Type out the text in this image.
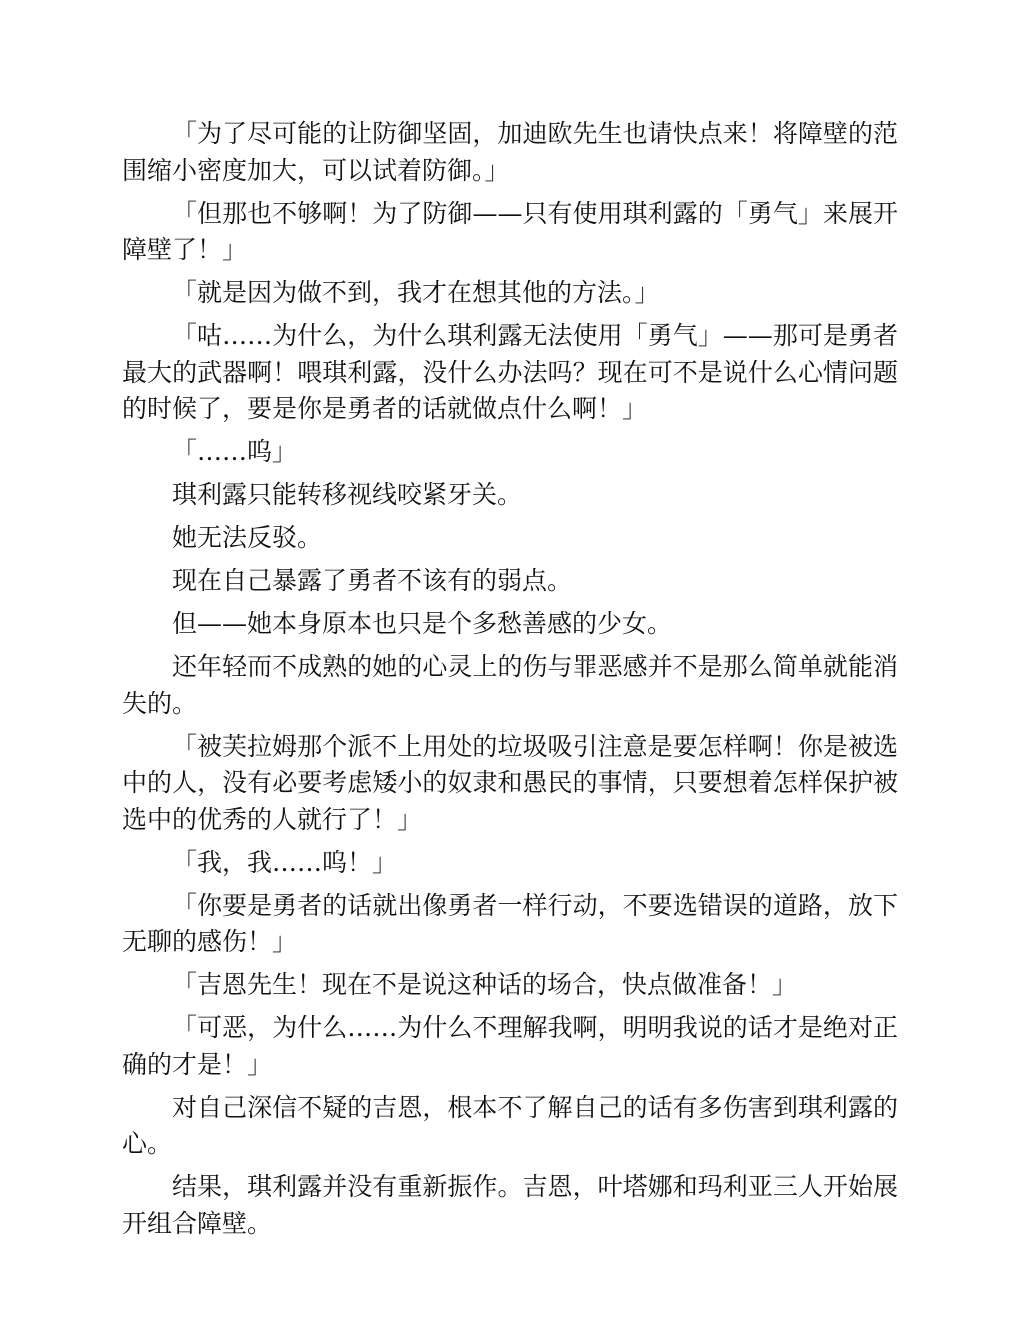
「为了尽可能的让防御坚固，加迪欧先生也请快点来！将障壁的范围缩小密度加大，可以试着防御。」

「但那也不够啊！为了防御——只有使用琪利露的「勇气」来展开障壁了！」

「就是因为做不到，我才在想其他的方法。」

「咕……为什么，为什么琪利露无法使用「勇气」——那可是勇者最大的武器啊！喂琪利露，没什么办法吗？现在可不是说什么心情问题的时候了，要是你是勇者的话就做点什么啊！」

「……呜」

琪利露只能转移视线咬紧牙关。

她无法反驳。

现在自己暴露了勇者不该有的弱点。

但——她本身原本也只是个多愁善感的少女。

还年轻而不成熟的她的心灵上的伤与罪恶感并不是那么简单就能消失的。

「被芙拉姆那个派不上用处的垃圾吸引注意是要怎样啊！你是被选中的人，没有必要考虑矮小的奴隶和愚民的事情，只要想着怎样保护被选中的优秀的人就行了！」

「我，我……呜！」

「你要是勇者的话就出像勇者一样行动，不要选错误的道路，放下无聊的感伤！」

「吉恩先生！现在不是说这种话的场合，快点做准备！」

「可恶，为什么……为什么不理解我啊，明明我说的话才是绝对正确的才是！」

对自己深信不疑的吉恩，根本不了解自己的话有多伤害到琪利露的心。

结果，琪利露并没有重新振作。吉恩，叶塔娜和玛利亚三人开始展开组合障壁。
